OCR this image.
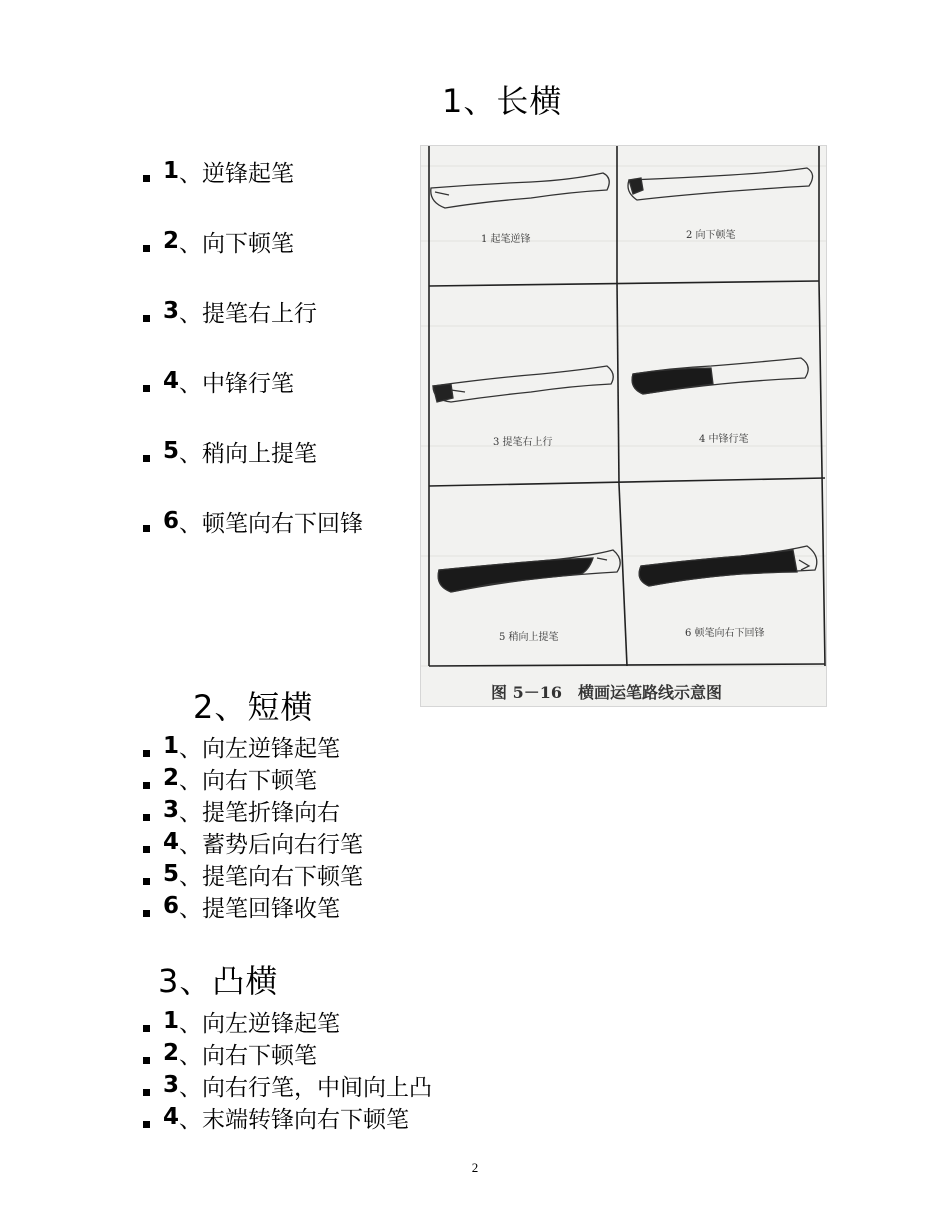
1、长横
1 、逆锋起笔
2 、向下顿笔
3 、提笔右上行
4 、中锋行笔
5 、稍向上提笔
6 、顿笔向右下回锋
1 起笔逆锋	2 向下顿笔
3 提笔右上行	4 中锋行笔
5 稍向上提笔	6 顿笔向右下回锋
图 5－16　横画运笔路线示意图
2、短横
1 、向左逆锋起笔
2 、向右下顿笔
3 、提笔折锋向右
4 、蓄势后向右行笔
5 、提笔向右下顿笔
6 、提笔回锋收笔
3、凸横
1 、向左逆锋起笔
2 、向右下顿笔
3 、向右行笔，中间向上凸
4 、末端转锋向右下顿笔
2
